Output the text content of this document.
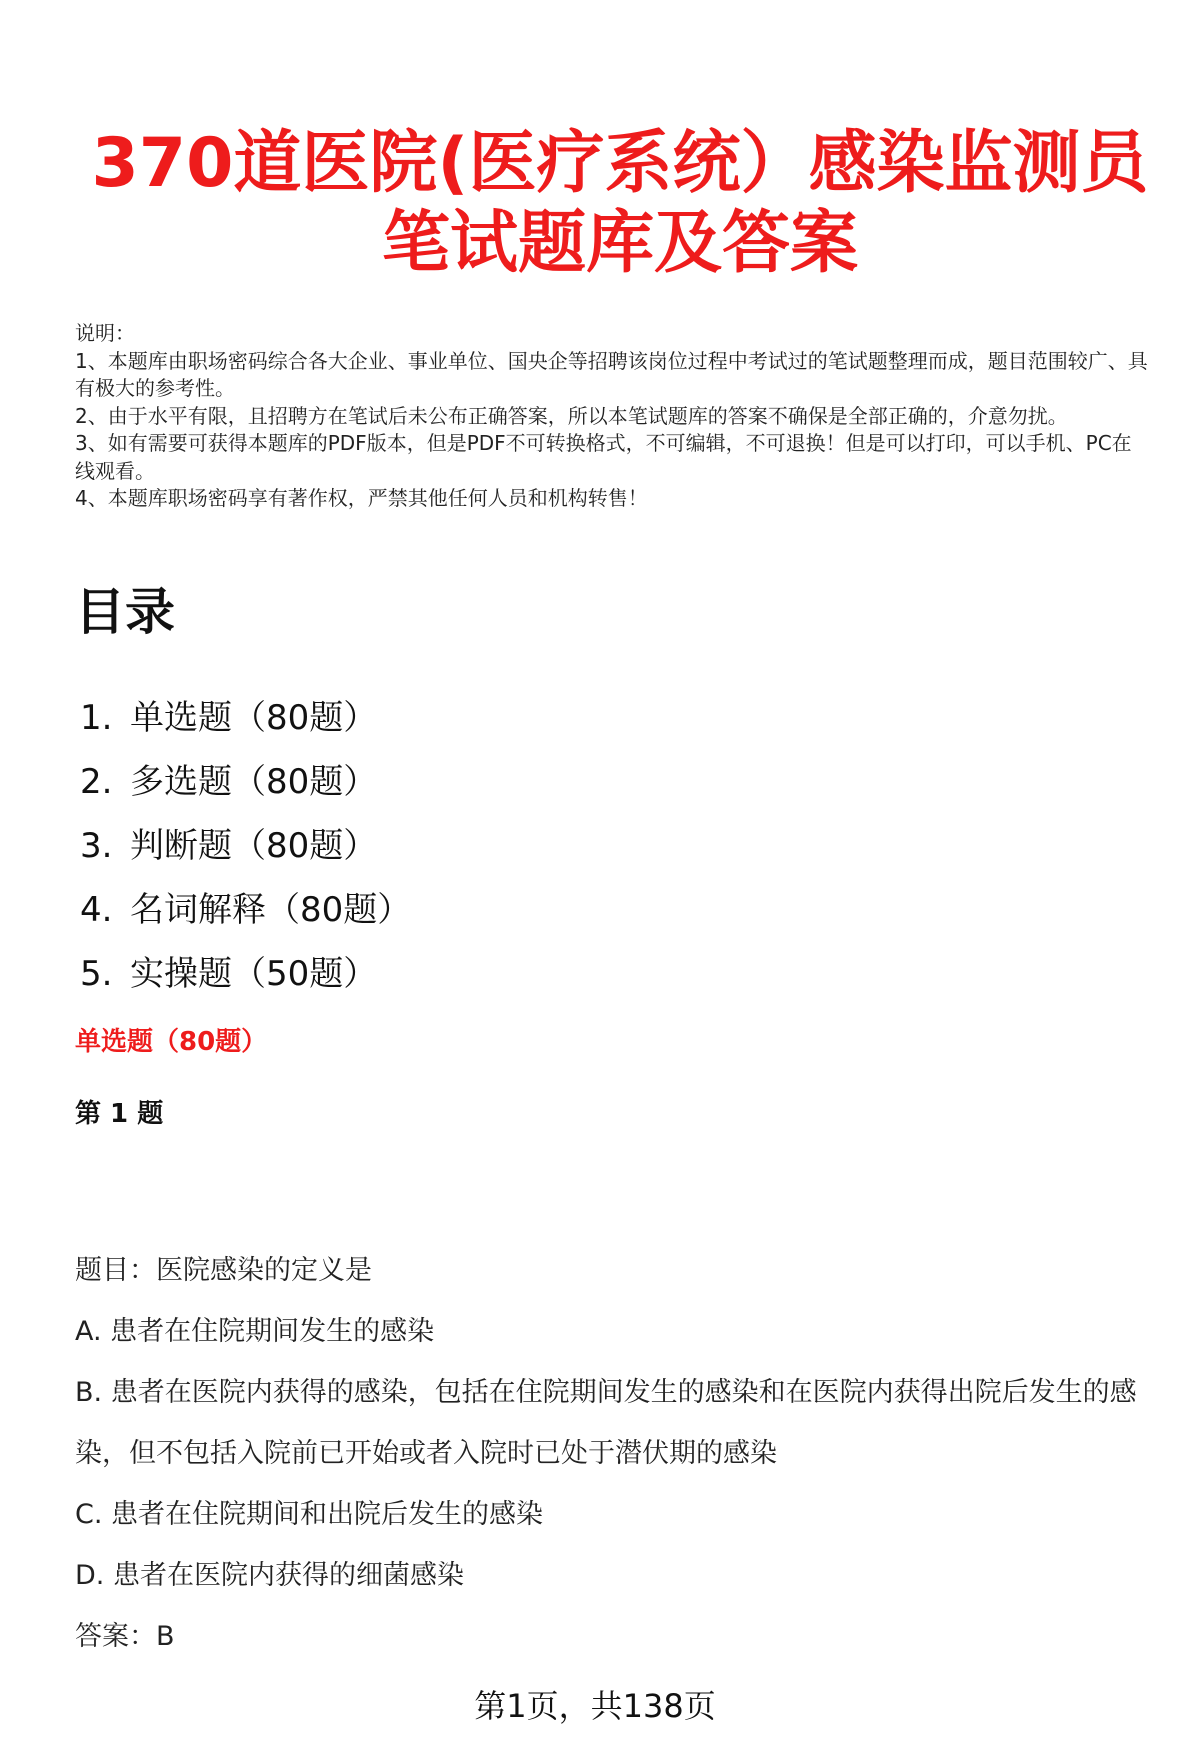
370道医院(医疗系统）感染监测员
笔试题库及答案

说明：

1、本题库由职场密码综合各大企业、事业单位、国央企等招聘该岗位过程中考试过的笔试题整理而成，题目范围较广、具有极大的参考性。

2、由于水平有限，且招聘方在笔试后未公布正确答案，所以本笔试题库的答案不确保是全部正确的，介意勿扰。

3、如有需要可获得本题库的PDF版本，但是PDF不可转换格式，不可编辑，不可退换！但是可以打印，可以手机、PC在线观看。

4、本题库职场密码享有著作权，严禁其他任何人员和机构转售！

目录
1. 单选题（80题）
2. 多选题（80题）
3. 判断题（80题）
4. 名词解释（80题）
5. 实操题（50题）
单选题（80题）
第 1 题

题目：医院感染的定义是

A. 患者在住院期间发生的感染

B. 患者在医院内获得的感染，包括在住院期间发生的感染和在医院内获得出院后发生的感染，但不包括入院前已开始或者入院时已处于潜伏期的感染

C. 患者在住院期间和出院后发生的感染

D. 患者在医院内获得的细菌感染

答案：B

第1页，共138页
